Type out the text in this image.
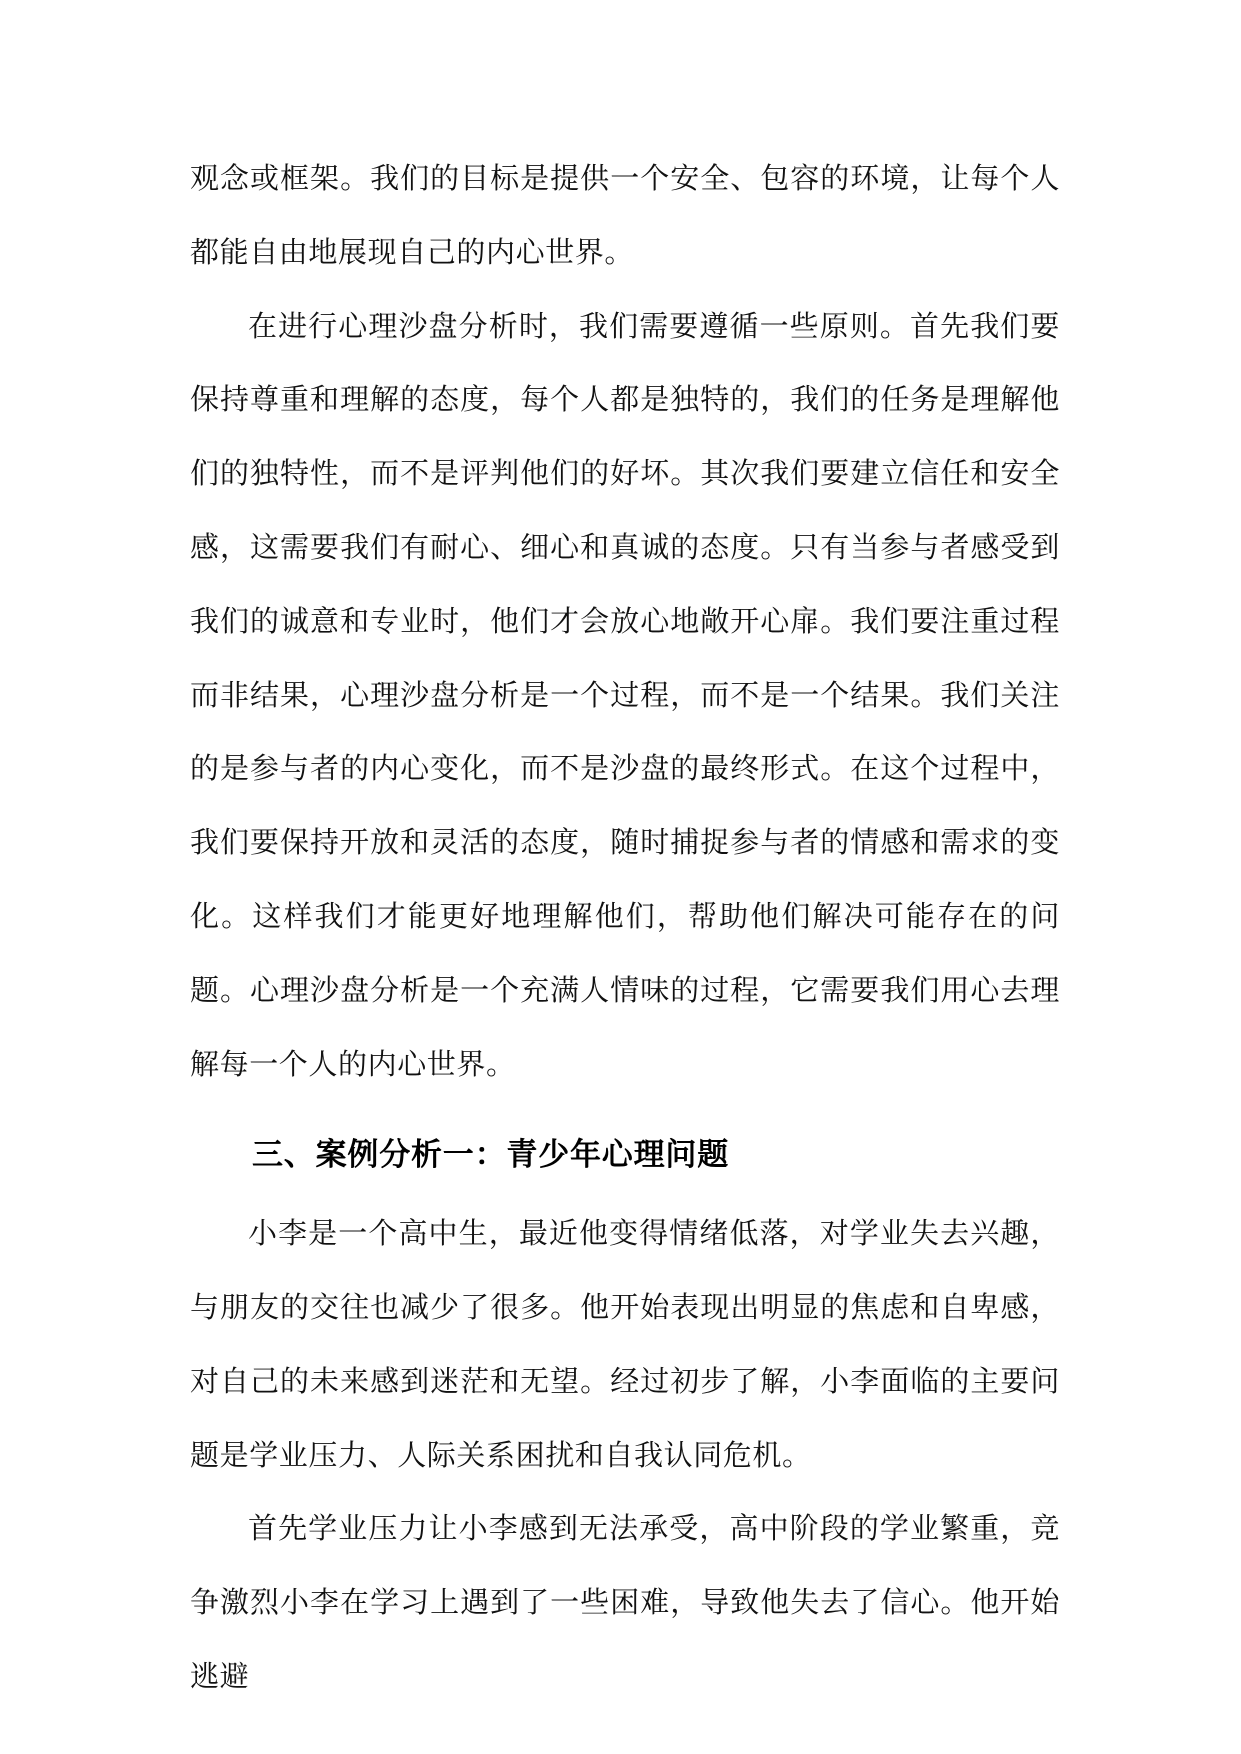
观念或框架。我们的目标是提供一个安全、包容的环境，让每个人都能自由地展现自己的内心世界。

在进行心理沙盘分析时，我们需要遵循一些原则。首先我们要保持尊重和理解的态度，每个人都是独特的，我们的任务是理解他们的独特性，而不是评判他们的好坏。其次我们要建立信任和安全感，这需要我们有耐心、细心和真诚的态度。只有当参与者感受到我们的诚意和专业时，他们才会放心地敞开心扉。我们要注重过程而非结果，心理沙盘分析是一个过程，而不是一个结果。我们关注的是参与者的内心变化，而不是沙盘的最终形式。在这个过程中，我们要保持开放和灵活的态度，随时捕捉参与者的情感和需求的变化。这样我们才能更好地理解他们，帮助他们解决可能存在的问题。心理沙盘分析是一个充满人情味的过程，它需要我们用心去理解每一个人的内心世界。

三、案例分析一：青少年心理问题

小李是一个高中生，最近他变得情绪低落，对学业失去兴趣，与朋友的交往也减少了很多。他开始表现出明显的焦虑和自卑感，对自己的未来感到迷茫和无望。经过初步了解，小李面临的主要问题是学业压力、人际关系困扰和自我认同危机。

首先学业压力让小李感到无法承受，高中阶段的学业繁重，竞争激烈小李在学习上遇到了一些困难，导致他失去了信心。他开始逃避
